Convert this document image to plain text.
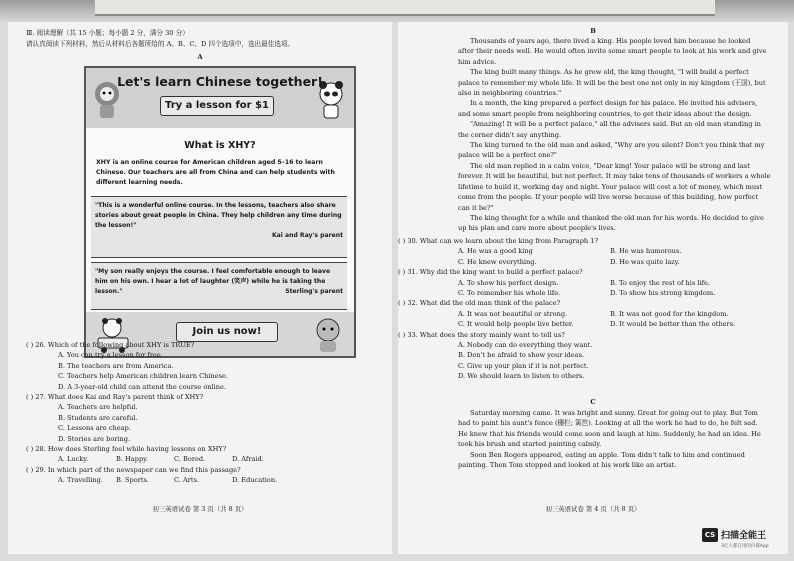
Ⅲ. 阅读理解（共 15 小题；每小题 2 分，满分 30 分）
请认真阅读下列材料，然后从材料后各题所给的 A、B、C、D 四个选项中，选出最佳选项。
A
Let's learn Chinese together!
Try a lesson for $1
What is XHY?
XHY is an online course for American children aged 5–16 to learn
Chinese. Our teachers are all from China and can help students with
different learning needs.
"This is a wonderful online course. In the lessons, teachers also share
stories about great people in China. They help children any time during
the lesson!"
Kai and Ray's parent
"My son really enjoys the course. I feel comfortable enough to leave
him on his own. I hear a lot of laughter (笑声) while he is taking the
lesson."	Sterling's parent
Join us now!
( ) 26. Which of the following about XHY is TRUE?
A. You can try a lesson for free.
B. The teachers are from America.
C. Teachers help American children learn Chinese.
D. A 3-year-old child can attend the course online.
( ) 27. What does Kai and Ray's parent think of XHY?
A. Teachers are helpful.
B. Students are careful.
C. Lessons are cheap.
D. Stories are boring.
( ) 28. How does Sterling feel while having lessons on XHY?
A. Lucky.	B. Happy.	C. Bored.	D. Afraid.
( ) 29. In which part of the newspaper can we find this passage?
A. Travelling.	B. Sports.	C. Arts.	D. Education.
初三英语试卷 第 3 页（共 8 页）
B
Thousands of years ago, there lived a king. His people loved him because he looked
after their needs well. He would often invite some smart people to look at his work and give
him advice.
The king built many things. As he grew old, the king thought, "I will build a perfect
palace to remember my whole life. It will be the best one not only in my kingdom (王国), but
also in neighboring countries."
In a month, the king prepared a perfect design for his palace. He invited his advisers,
and some smart people from neighboring countries, to get their ideas about the design.
"Amazing! It will be a perfect palace," all the advisers said. But an old man standing in
the corner didn't say anything.
The king turned to the old man and asked, "Why are you silent? Don't you think that my
palace will be a perfect one?"
The old man replied in a calm voice, "Dear king! Your palace will be strong and last
forever. It will be beautiful, but not perfect. It may take tens of thousands of workers a whole
lifetime to build it, working day and night. Your palace will cost a lot of money, which must
come from the people. If your people will live worse because of this building, how perfect
can it be?"
The king thought for a while and thanked the old man for his words. He decided to give
up his plan and care more about people's lives.
( ) 30. What can we learn about the king from Paragraph 1?
A. He was a good king	B. He was humorous.
C. He knew everything.	D. He was quite lazy.
( ) 31. Why did the king want to build a perfect palace?
A. To show his perfect design.	B. To enjoy the rest of his life.
C. To remember his whole life.	D. To show his strong kingdom.
( ) 32. What did the old man think of the palace?
A. It was not beautiful or strong.	B. It was not good for the kingdom.
C. It would help people live better.	D. It would be better than the others.
( ) 33. What does the story mainly want to tell us?
A. Nobody can do everything they want.
B. Don't be afraid to show your ideas.
C. Give up your plan if it is not perfect.
D. We should learn to listen to others.
C
Saturday morning came. It was bright and sunny. Great for going out to play. But Tom
had to paint his aunt's fence (栅栏; 篱笆). Looking at all the work he had to do, he felt sad.
He knew that his friends would come soon and laugh at him. Suddenly, he had an idea. He
took his brush and started painting calmly.
Soon Ben Rogers appeared, eating an apple. Tom didn't talk to him and continued
painting. Then Tom stopped and looked at his work like an artist.
初三英语试卷 第 4 页（共 8 页）
CS 扫描全能王
3亿人都在用的扫描App
